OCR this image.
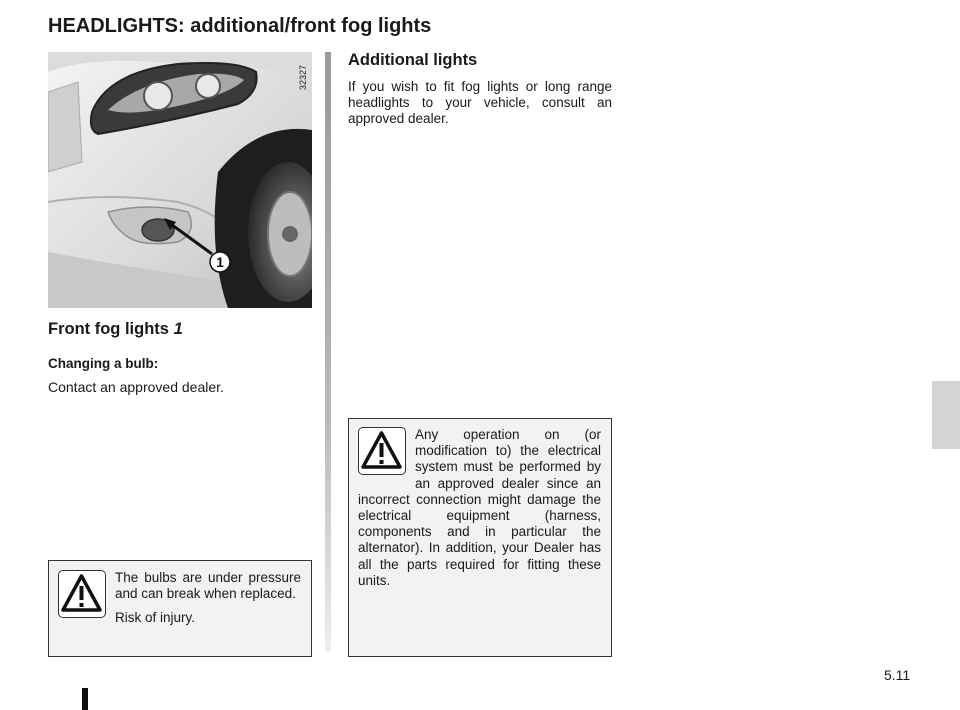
HEADLIGHTS: additional/front fog lights
1
32327
Front fog lights 1
Changing a bulb:
Contact an approved dealer.
Additional lights

If you wish to fit fog lights or long range headlights to your vehicle, consult an approved dealer.

Any operation on (or modification to) the electrical system must be performed by an approved dealer since an incorrect connection might damage the electrical equipment (harness, components and in particular the alternator). In addition, your Dealer has all the parts required for fitting these units.

The bulbs are under pressure and can break when replaced.

Risk of injury.

5.11
